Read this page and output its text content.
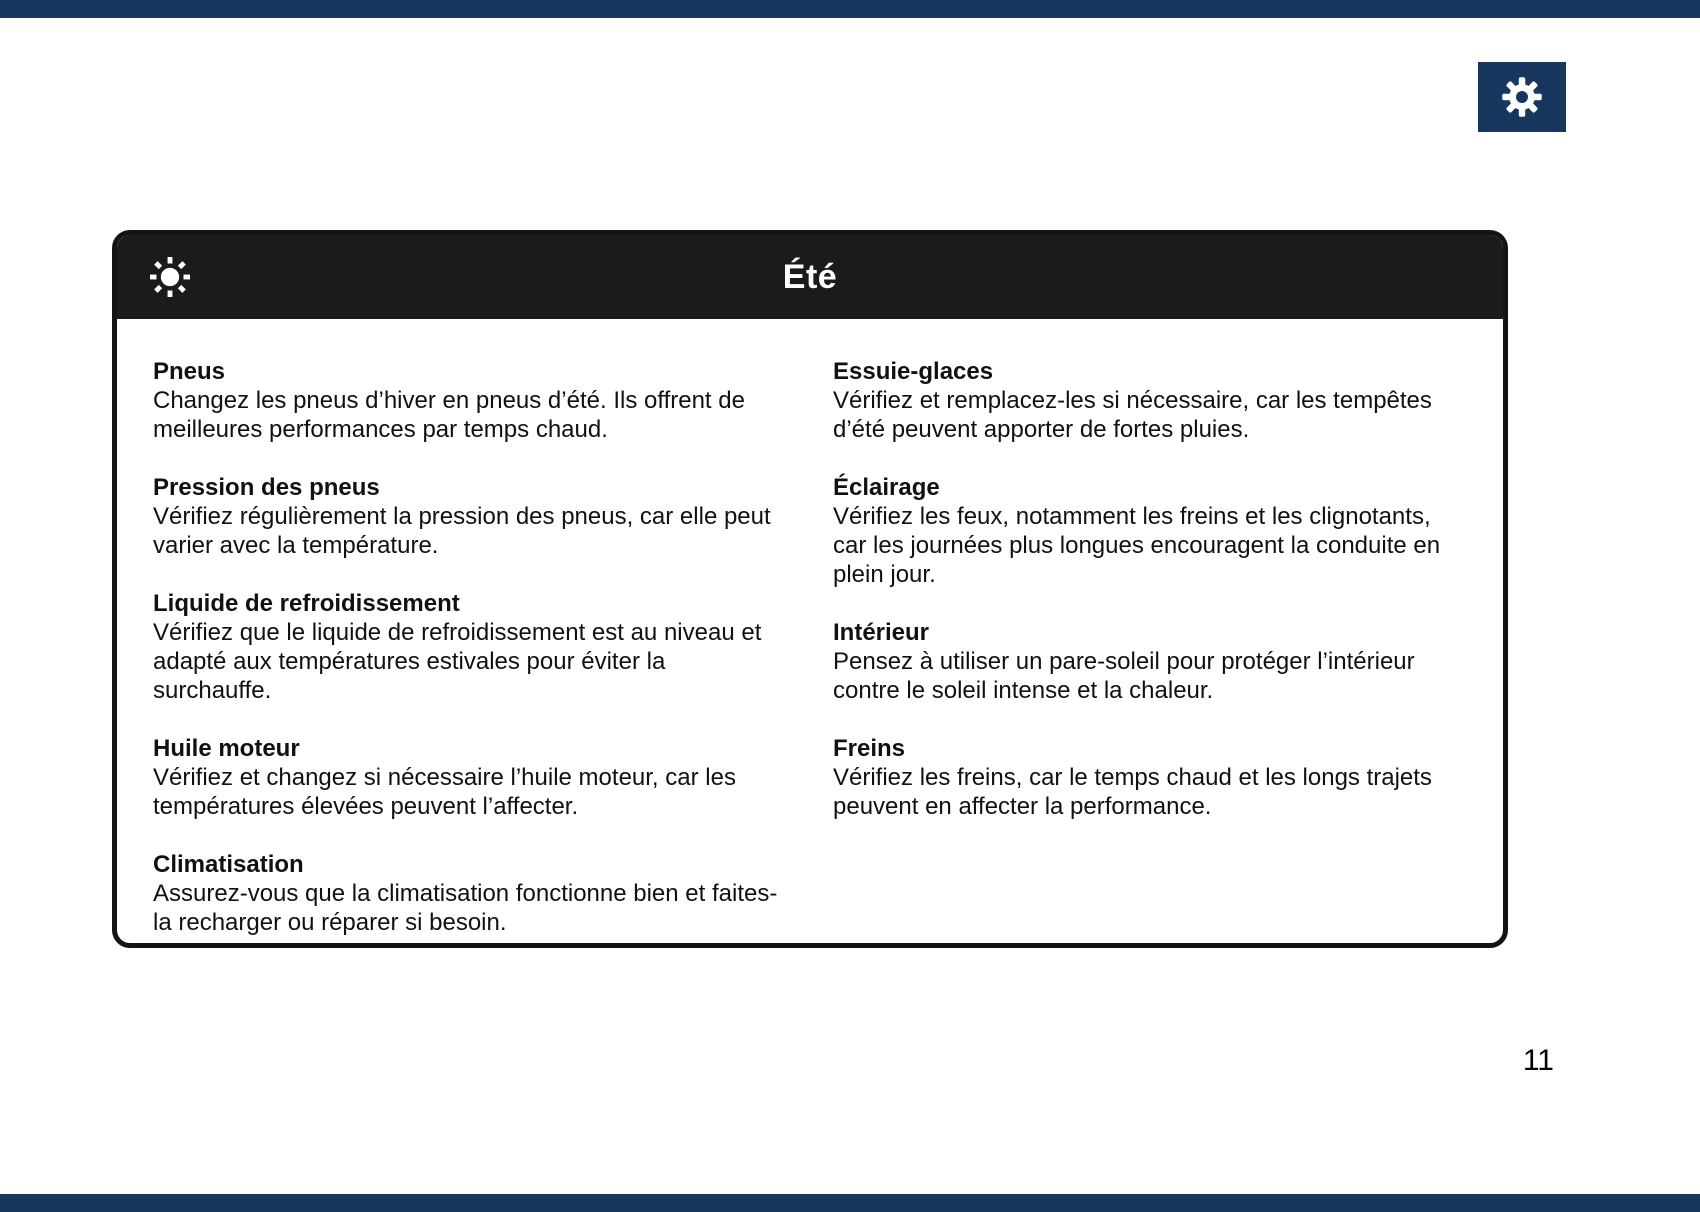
Été
Pneus

Changez les pneus d’hiver en pneus d’été. Ils offrent de meilleures performances par temps chaud.

Pression des pneus

Vérifiez régulièrement la pression des pneus, car elle peut varier avec la température.

Liquide de refroidissement

Vérifiez que le liquide de refroidissement est au niveau et adapté aux températures estivales pour éviter la surchauffe.

Huile moteur

Vérifiez et changez si nécessaire l’huile moteur, car les températures élevées peuvent l’affecter.

Climatisation

Assurez-vous que la climatisation fonctionne bien et faites-la recharger ou réparer si besoin.

Essuie-glaces

Vérifiez et remplacez-les si nécessaire, car les tempêtes d’été peuvent apporter de fortes pluies.

Éclairage

Vérifiez les feux, notamment les freins et les clignotants, car les journées plus longues encouragent la conduite en plein jour.

Intérieur

Pensez à utiliser un pare-soleil pour protéger l’intérieur contre le soleil intense et la chaleur.

Freins

Vérifiez les freins, car le temps chaud et les longs trajets peuvent en affecter la performance.

11
